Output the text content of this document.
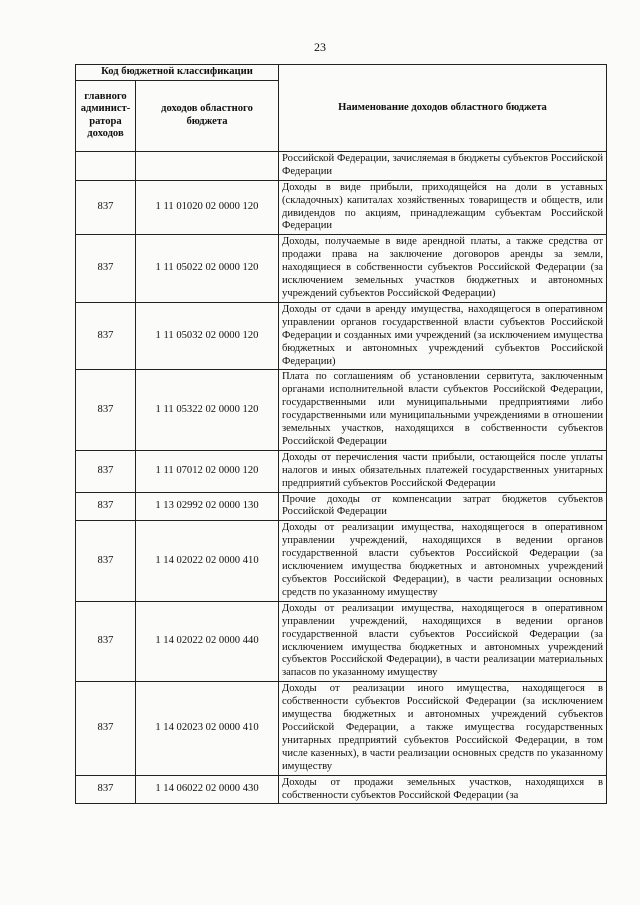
23
Код бюджетной классификации		Наименование доходов областного бюджета
главного админист-ратора доходов	доходов областного бюджета	
		Российской Федерации, зачисляемая в бюджеты субъектов Российской Федерации
837	1 11 01020 02 0000 120	Доходы в виде прибыли, приходящейся на доли в уставных (складочных) капиталах хозяйственных товариществ и обществ, или дивидендов по акциям, принадлежащим субъектам Российской Федерации
837	1 11 05022 02 0000 120	Доходы, получаемые в виде арендной платы, а также средства от продажи права на заключение договоров аренды за земли, находящиеся в собственности субъектов Российской Федерации (за исключением земельных участков бюджетных и автономных учреждений субъектов Российской Федерации)
837	1 11 05032 02 0000 120	Доходы от сдачи в аренду имущества, находящегося в оперативном управлении органов государственной власти субъектов Российской Федерации и созданных ими учреждений (за исключением имущества бюджетных и автономных учреждений субъектов Российской Федерации)
837	1 11 05322 02 0000 120	Плата по соглашениям об установлении сервитута, заключенным органами исполнительной власти субъектов Российской Федерации, государственными или муниципальными предприятиями либо государственными или муниципальными учреждениями в отношении земельных участков, находящихся в собственности субъектов Российской Федерации
837	1 11 07012 02 0000 120	Доходы от перечисления части прибыли, остающейся после уплаты налогов и иных обязательных платежей государственных унитарных предприятий субъектов Российской Федерации
837	1 13 02992 02 0000 130	Прочие доходы от компенсации затрат бюджетов субъектов Российской Федерации
837	1 14 02022 02 0000 410	Доходы от реализации имущества, находящегося в оперативном управлении учреждений, находящихся в ведении органов государственной власти субъектов Российской Федерации (за исключением имущества бюджетных и автономных учреждений субъектов Российской Федерации), в части реализации основных средств по указанному имуществу
837	1 14 02022 02 0000 440	Доходы от реализации имущества, находящегося в оперативном управлении учреждений, находящихся в ведении органов государственной власти субъектов Российской Федерации (за исключением имущества бюджетных и автономных учреждений субъектов Российской Федерации), в части реализации материальных запасов по указанному имуществу
837	1 14 02023 02 0000 410	Доходы от реализации иного имущества, находящегося в собственности субъектов Российской Федерации (за исключением имущества бюджетных и автономных учреждений субъектов Российской Федерации, а также имущества государственных унитарных предприятий субъектов Российской Федерации, в том числе казенных), в части реализации основных средств по указанному имуществу
837	1 14 06022 02 0000 430	Доходы от продажи земельных участков, находящихся в собственности субъектов Российской Федерации (за
